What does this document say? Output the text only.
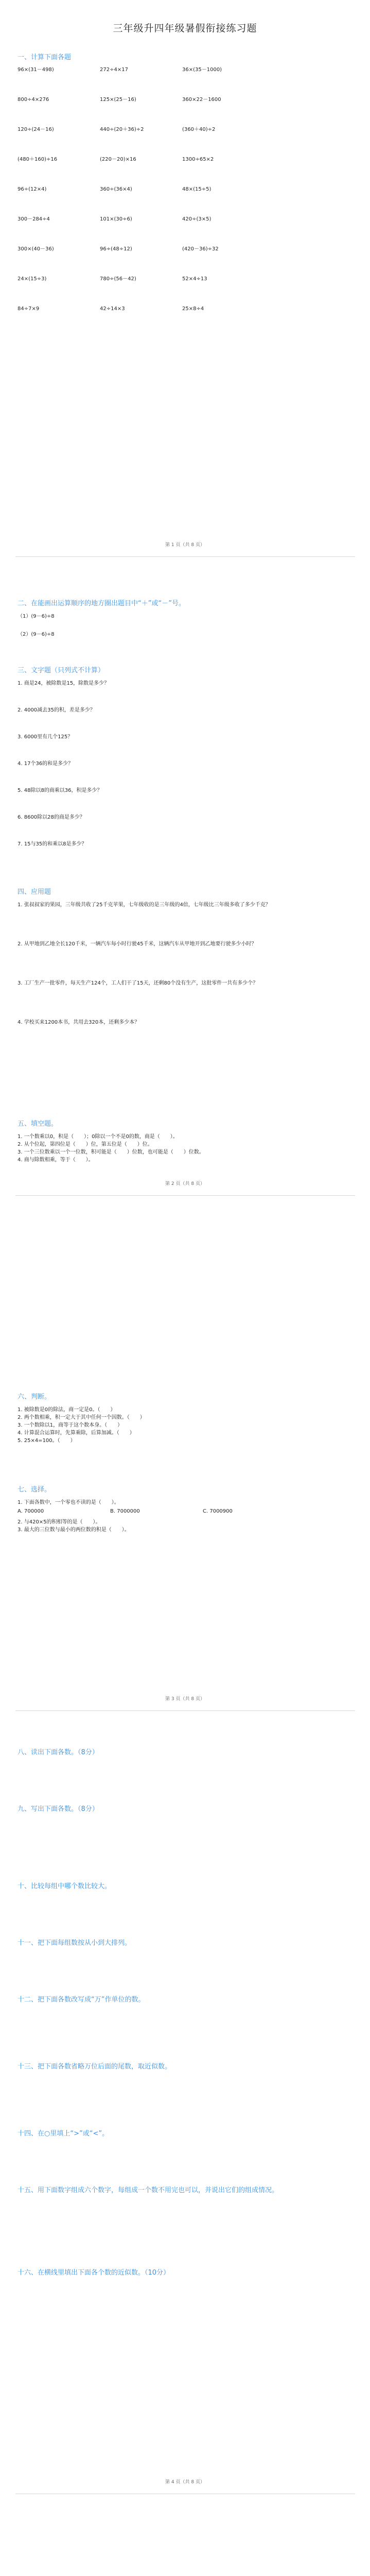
三年级升四年级暑假衔接练习题
一、计算下面各题
96×(31－498)	272÷4×17	36×(35－1000)
800÷4×276	125×(25－16)	360×22－1600
120÷(24－16)	440÷(20＋36)÷2	(360＋40)÷2
(480＋160)÷16	(220－20)×16	1300÷65×2
96÷(12×4)	360÷(36×4)	48×(15÷5)
300－284÷4	101×(30÷6)	420÷(3×5)
300×(40－36)	96÷(48÷12)	(420－36)÷32
24×(15÷3)	780÷(56－42)	52×4÷13
84÷7×9	42÷14×3	25×8÷4
第 1 页（共 8 页）
二、在能画出运算顺序的地方圈出题目中“＋”或“－”号。
（1）(9－6)÷8
（2）(9－6)÷8
三、文字题（只列式不计算）
1. 商是24，被除数是15，除数是多少？
2. 4000减去35的积，差是多少？
3. 6000里有几个125？
4. 17个36的和是多少？
5. 48除以8的商乘以36，积是多少？
6. 8600除以28的商是多少？
7. 15与35的和乘以8是多少？
四、应用题
1. 张叔叔家的果园，三年级共收了25千克苹果，七年级收的是三年级的4倍，七年级比三年级多收了多少千克？
2. 从甲地到乙地全长120千米，一辆汽车每小时行驶45千米，这辆汽车从甲地开到乙地要行驶多少小时？
3. 工厂生产一批零件，每天生产124个，工人们干了15天，还剩80个没有生产，这批零件一共有多少个？
4. 学校买来1200本书，共用去320本，还剩多少本？
五、填空题。
1. 一个数乘以0，积是（　　）；0除以一个不是0的数，商是（　　）。
2. 从个位起，第四位是（　　）位，第五位是（　　）位。
3. 一个三位数乘以一个一位数，积可能是（　　）位数，也可能是（　　）位数。
4. 商与除数相乘，等于（　　）。
第 2 页（共 8 页）
六、判断。
1. 被除数是0的除法，商一定是0。（　　）
2. 两个数相乘，积一定大于其中任何一个因数。（　　）
3. 一个数除以1，商等于这个数本身。（　　）
4. 计算混合运算时，先算乘除，后算加减。（　　）
5. 25×4=100。（　　）
七、选择。
1. 下面各数中，一个零也不读的是（　　）。
A. 700000	B. 7000000	C. 7000900
2. 与420×5的积相等的是（　　）。
3. 最大的三位数与最小的两位数的积是（　　）。
第 3 页（共 8 页）
八、读出下面各数。（8分）
九、写出下面各数。（8分）
十、比较每组中哪个数比较大。
十一、把下面每组数按从小到大排列。
十二、把下面各数改写成“万”作单位的数。
十三、把下面各数省略万位后面的尾数，取近似数。
十四、在○里填上“>”或“<”。
十五、用下面数字组成六个数字，每组成一个数不用完也可以，并说出它们的组成情况。
十六、在横线里填出下面各个数的近似数。（10分）
第 4 页（共 8 页）
